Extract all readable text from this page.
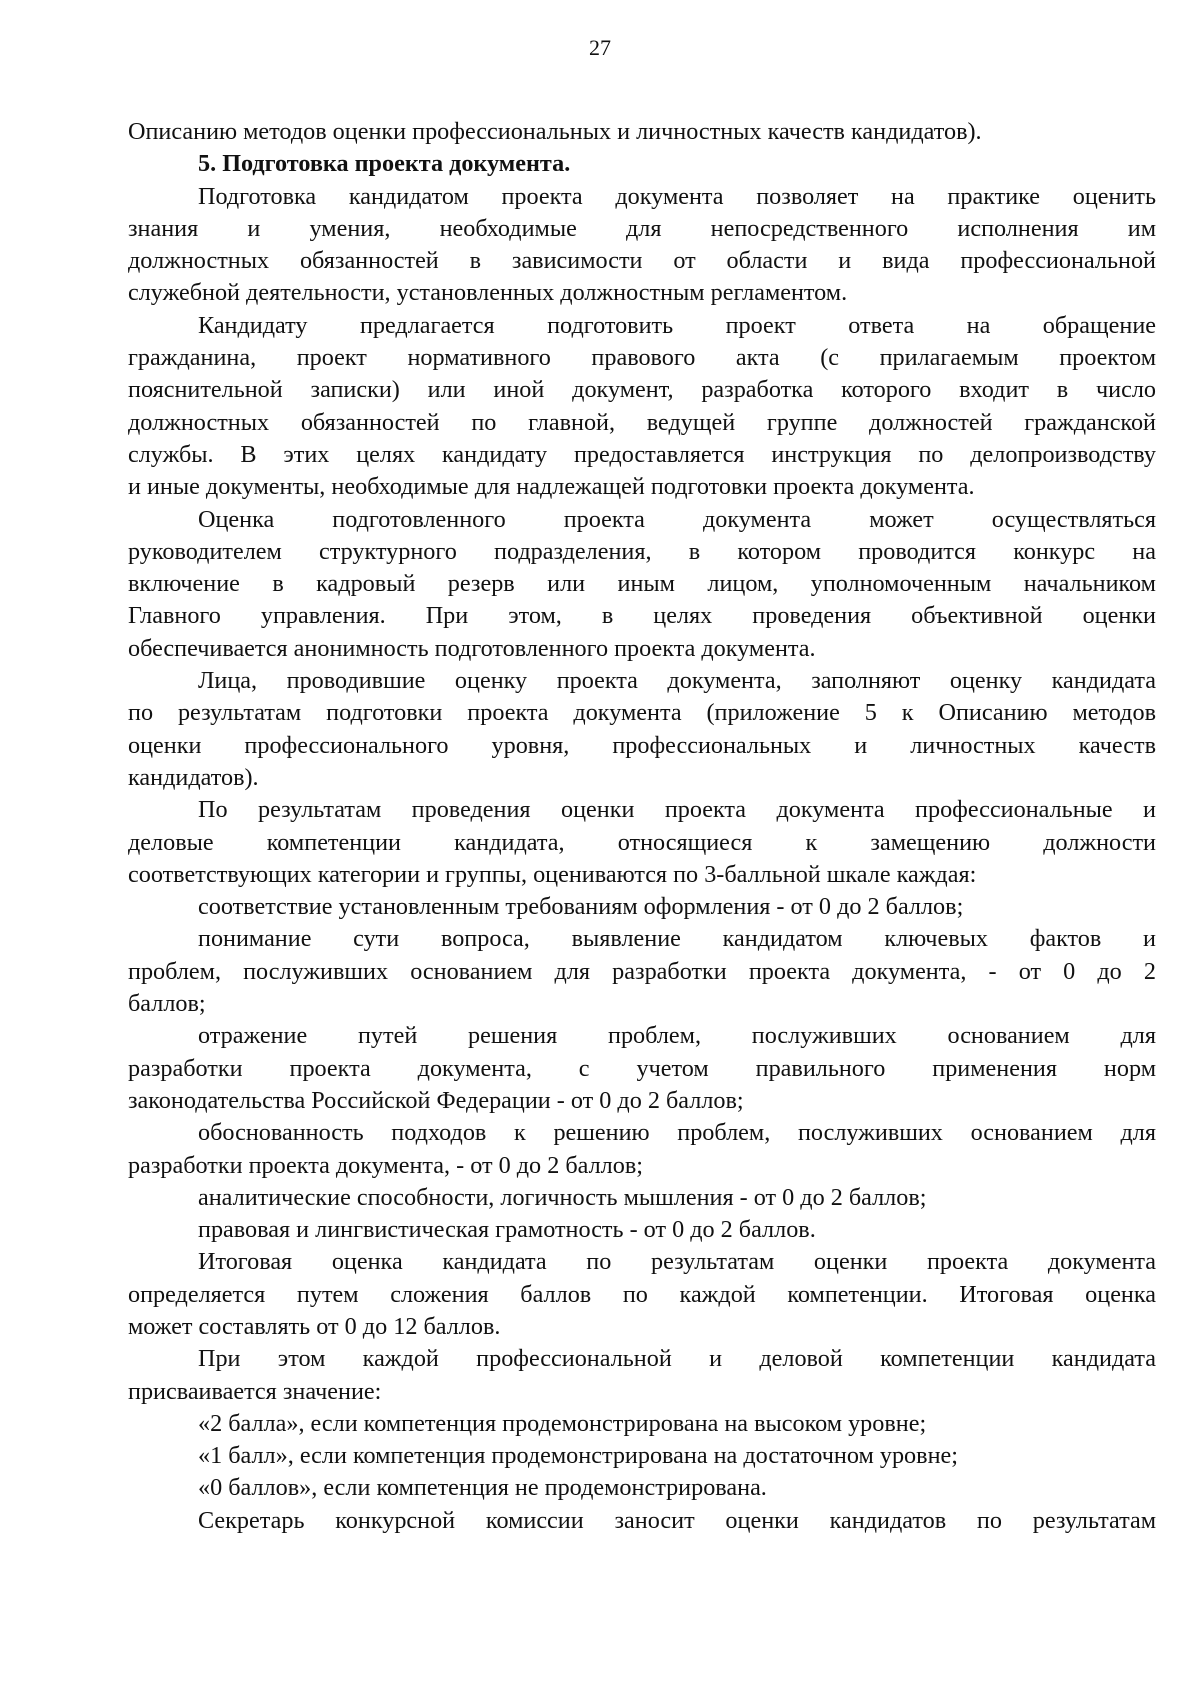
27
Описанию методов оценки профессиональных и личностных качеств кандидатов).
5. Подготовка проекта документа.
Подготовка кандидатом проекта документа позволяет на практике оценить
знания и умения, необходимые для непосредственного исполнения им
должностных обязанностей в зависимости от области и вида профессиональной
служебной деятельности, установленных должностным регламентом.
Кандидату предлагается подготовить проект ответа на обращение
гражданина, проект нормативного правового акта (с прилагаемым проектом
пояснительной записки) или иной документ, разработка которого входит в число
должностных обязанностей по главной, ведущей группе должностей гражданской
службы. В этих целях кандидату предоставляется инструкция по делопроизводству
и иные документы, необходимые для надлежащей подготовки проекта документа.
Оценка подготовленного проекта документа может осуществляться
руководителем структурного подразделения, в котором проводится конкурс на
включение в кадровый резерв или иным лицом, уполномоченным начальником
Главного управления. При этом, в целях проведения объективной оценки
обеспечивается анонимность подготовленного проекта документа.
Лица, проводившие оценку проекта документа, заполняют оценку кандидата
по результатам подготовки проекта документа (приложение 5 к Описанию методов
оценки профессионального уровня, профессиональных и личностных качеств
кандидатов).
По результатам проведения оценки проекта документа профессиональные и
деловые компетенции кандидата, относящиеся к замещению должности
соответствующих категории и группы, оцениваются по 3-балльной шкале каждая:
соответствие установленным требованиям оформления - от 0 до 2 баллов;
понимание сути вопроса, выявление кандидатом ключевых фактов и
проблем, послуживших основанием для разработки проекта документа, - от 0 до 2
баллов;
отражение путей решения проблем, послуживших основанием для
разработки проекта документа, с учетом правильного применения норм
законодательства Российской Федерации - от 0 до 2 баллов;
обоснованность подходов к решению проблем, послуживших основанием для
разработки проекта документа, - от 0 до 2 баллов;
аналитические способности, логичность мышления - от 0 до 2 баллов;
правовая и лингвистическая грамотность - от 0 до 2 баллов.
Итоговая оценка кандидата по результатам оценки проекта документа
определяется путем сложения баллов по каждой компетенции. Итоговая оценка
может составлять от 0 до 12 баллов.
При этом каждой профессиональной и деловой компетенции кандидата
присваивается значение:
«2 балла», если компетенция продемонстрирована на высоком уровне;
«1 балл», если компетенция продемонстрирована на достаточном уровне;
«0 баллов», если компетенция не продемонстрирована.
Секретарь конкурсной комиссии заносит оценки кандидатов по результатам
